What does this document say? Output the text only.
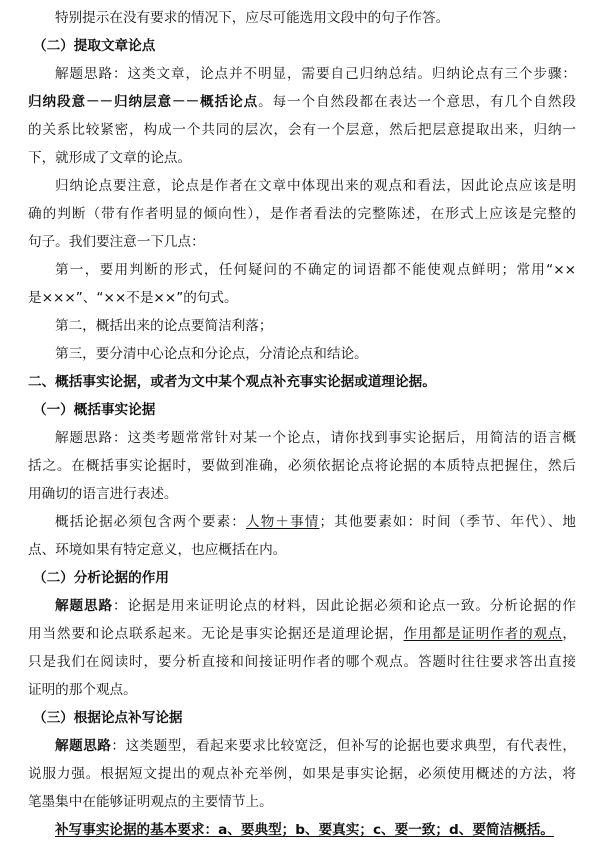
特别提示在没有要求的情况下，应尽可能选用文段中的句子作答。
（二）提取文章论点
解题思路：这类文章，论点并不明显，需要自己归纳总结。归纳论点有三个步骤：
归纳段意－－归纳层意－－概括论点。每一个自然段都在表达一个意思，有几个自然段
的关系比较紧密，构成一个共同的层次，会有一个层意，然后把层意提取出来，归纳一
下，就形成了文章的论点。
归纳论点要注意，论点是作者在文章中体现出来的观点和看法，因此论点应该是明
确的判断（带有作者明显的倾向性），是作者看法的完整陈述，在形式上应该是完整的
句子。我们要注意一下几点：
第一，要用判断的形式，任何疑问的不确定的词语都不能使观点鲜明；常用“××
是×××”、“××不是××”的句式。
第二，概括出来的论点要简洁利落；
第三，要分清中心论点和分论点，分清论点和结论。
二、概括事实论据，或者为文中某个观点补充事实论据或道理论据。
（一）概括事实论据
解题思路：这类考题常常针对某一个论点，请你找到事实论据后，用简洁的语言概
括之。在概括事实论据时，要做到准确，必须依据论点将论据的本质特点把握住，然后
用确切的语言进行表述。
概括论据必须包含两个要素：人物＋事情；其他要素如：时间（季节、年代）、地
点、环境如果有特定意义，也应概括在内。
（二）分析论据的作用
解题思路：论据是用来证明论点的材料，因此论据必须和论点一致。分析论据的作
用当然要和论点联系起来。无论是事实论据还是道理论据，作用都是证明作者的观点，
只是我们在阅读时，要分析直接和间接证明作者的哪个观点。答题时往往要求答出直接
证明的那个观点。
（三）根据论点补写论据
解题思路：这类题型，看起来要求比较宽泛，但补写的论据也要求典型，有代表性，
说服力强。根据短文提出的观点补充举例，如果是事实论据，必须使用概述的方法，将
笔墨集中在能够证明观点的主要情节上。
补写事实论据的基本要求：a、要典型；b、要真实；c、要一致；d、要简洁概括。
